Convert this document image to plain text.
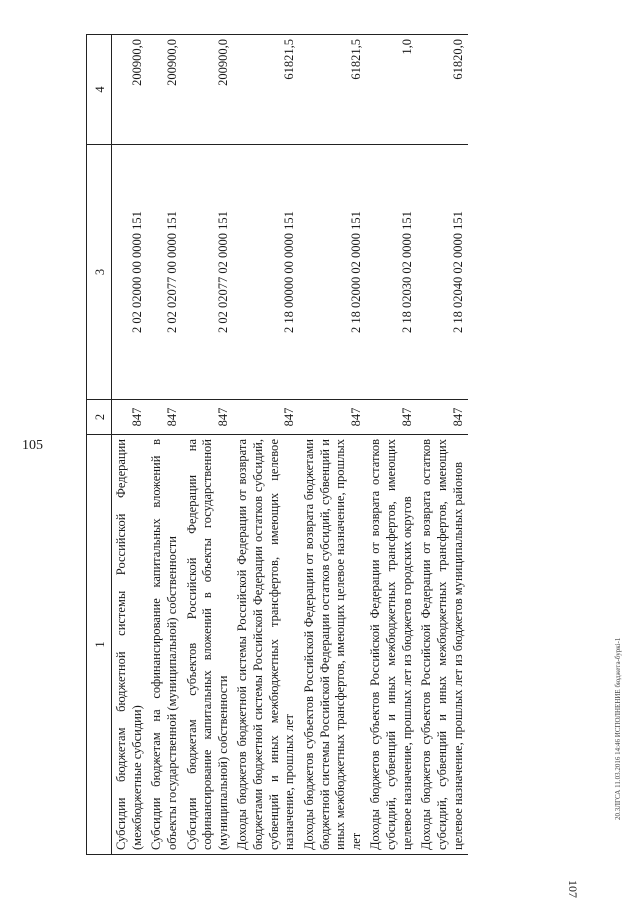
105
107
20.3ЛГСА 11.03.2016 14:46 ИСПОЛНЕНИЕ бюджета-буркі-1
1	2	3	4
Субсидии бюджетам бюджетной системы Российской Федерации (межбюджетные субсидии)	847	2 02 02000 00 0000 151	200900,0
Субсидии бюджетам на софинансирование капитальных вложений в объекты государственной (муниципальной) собственности	847	2 02 02077 00 0000 151	200900,0
Субсидии бюджетам субъектов Российской Федерации на софинансирование капитальных вложений в объекты государственной (муниципальной) собственности	847	2 02 02077 02 0000 151	200900,0
Доходы бюджетов бюджетной системы Российской Федерации от возврата бюджетами бюджетной системы Российской Федерации остатков субсидий, субвенций и иных межбюджетных трансфертов, имеющих целевое назначение, прошлых лет	847	2 18 00000 00 0000 151	61821,5
Доходы бюджетов субъектов Российской Федерации от возврата бюджетами бюджетной системы Российской Федерации остатков субсидий, субвенций и иных межбюджетных трансфертов, имеющих целевое назначение, прошлых лет	847	2 18 02000 02 0000 151	61821,5
Доходы бюджетов субъектов Российской Федерации от возврата остатков субсидий, субвенций и иных межбюджетных трансфертов, имеющих целевое назначение, прошлых лет из бюджетов городских округов	847	2 18 02030 02 0000 151	1,0
Доходы бюджетов субъектов Российской Федерации от возврата остатков субсидий, субвенций и иных межбюджетных трансфертов, имеющих целевое назначение, прошлых лет из бюджетов муниципальных районов	847	2 18 02040 02 0000 151	61820,0
